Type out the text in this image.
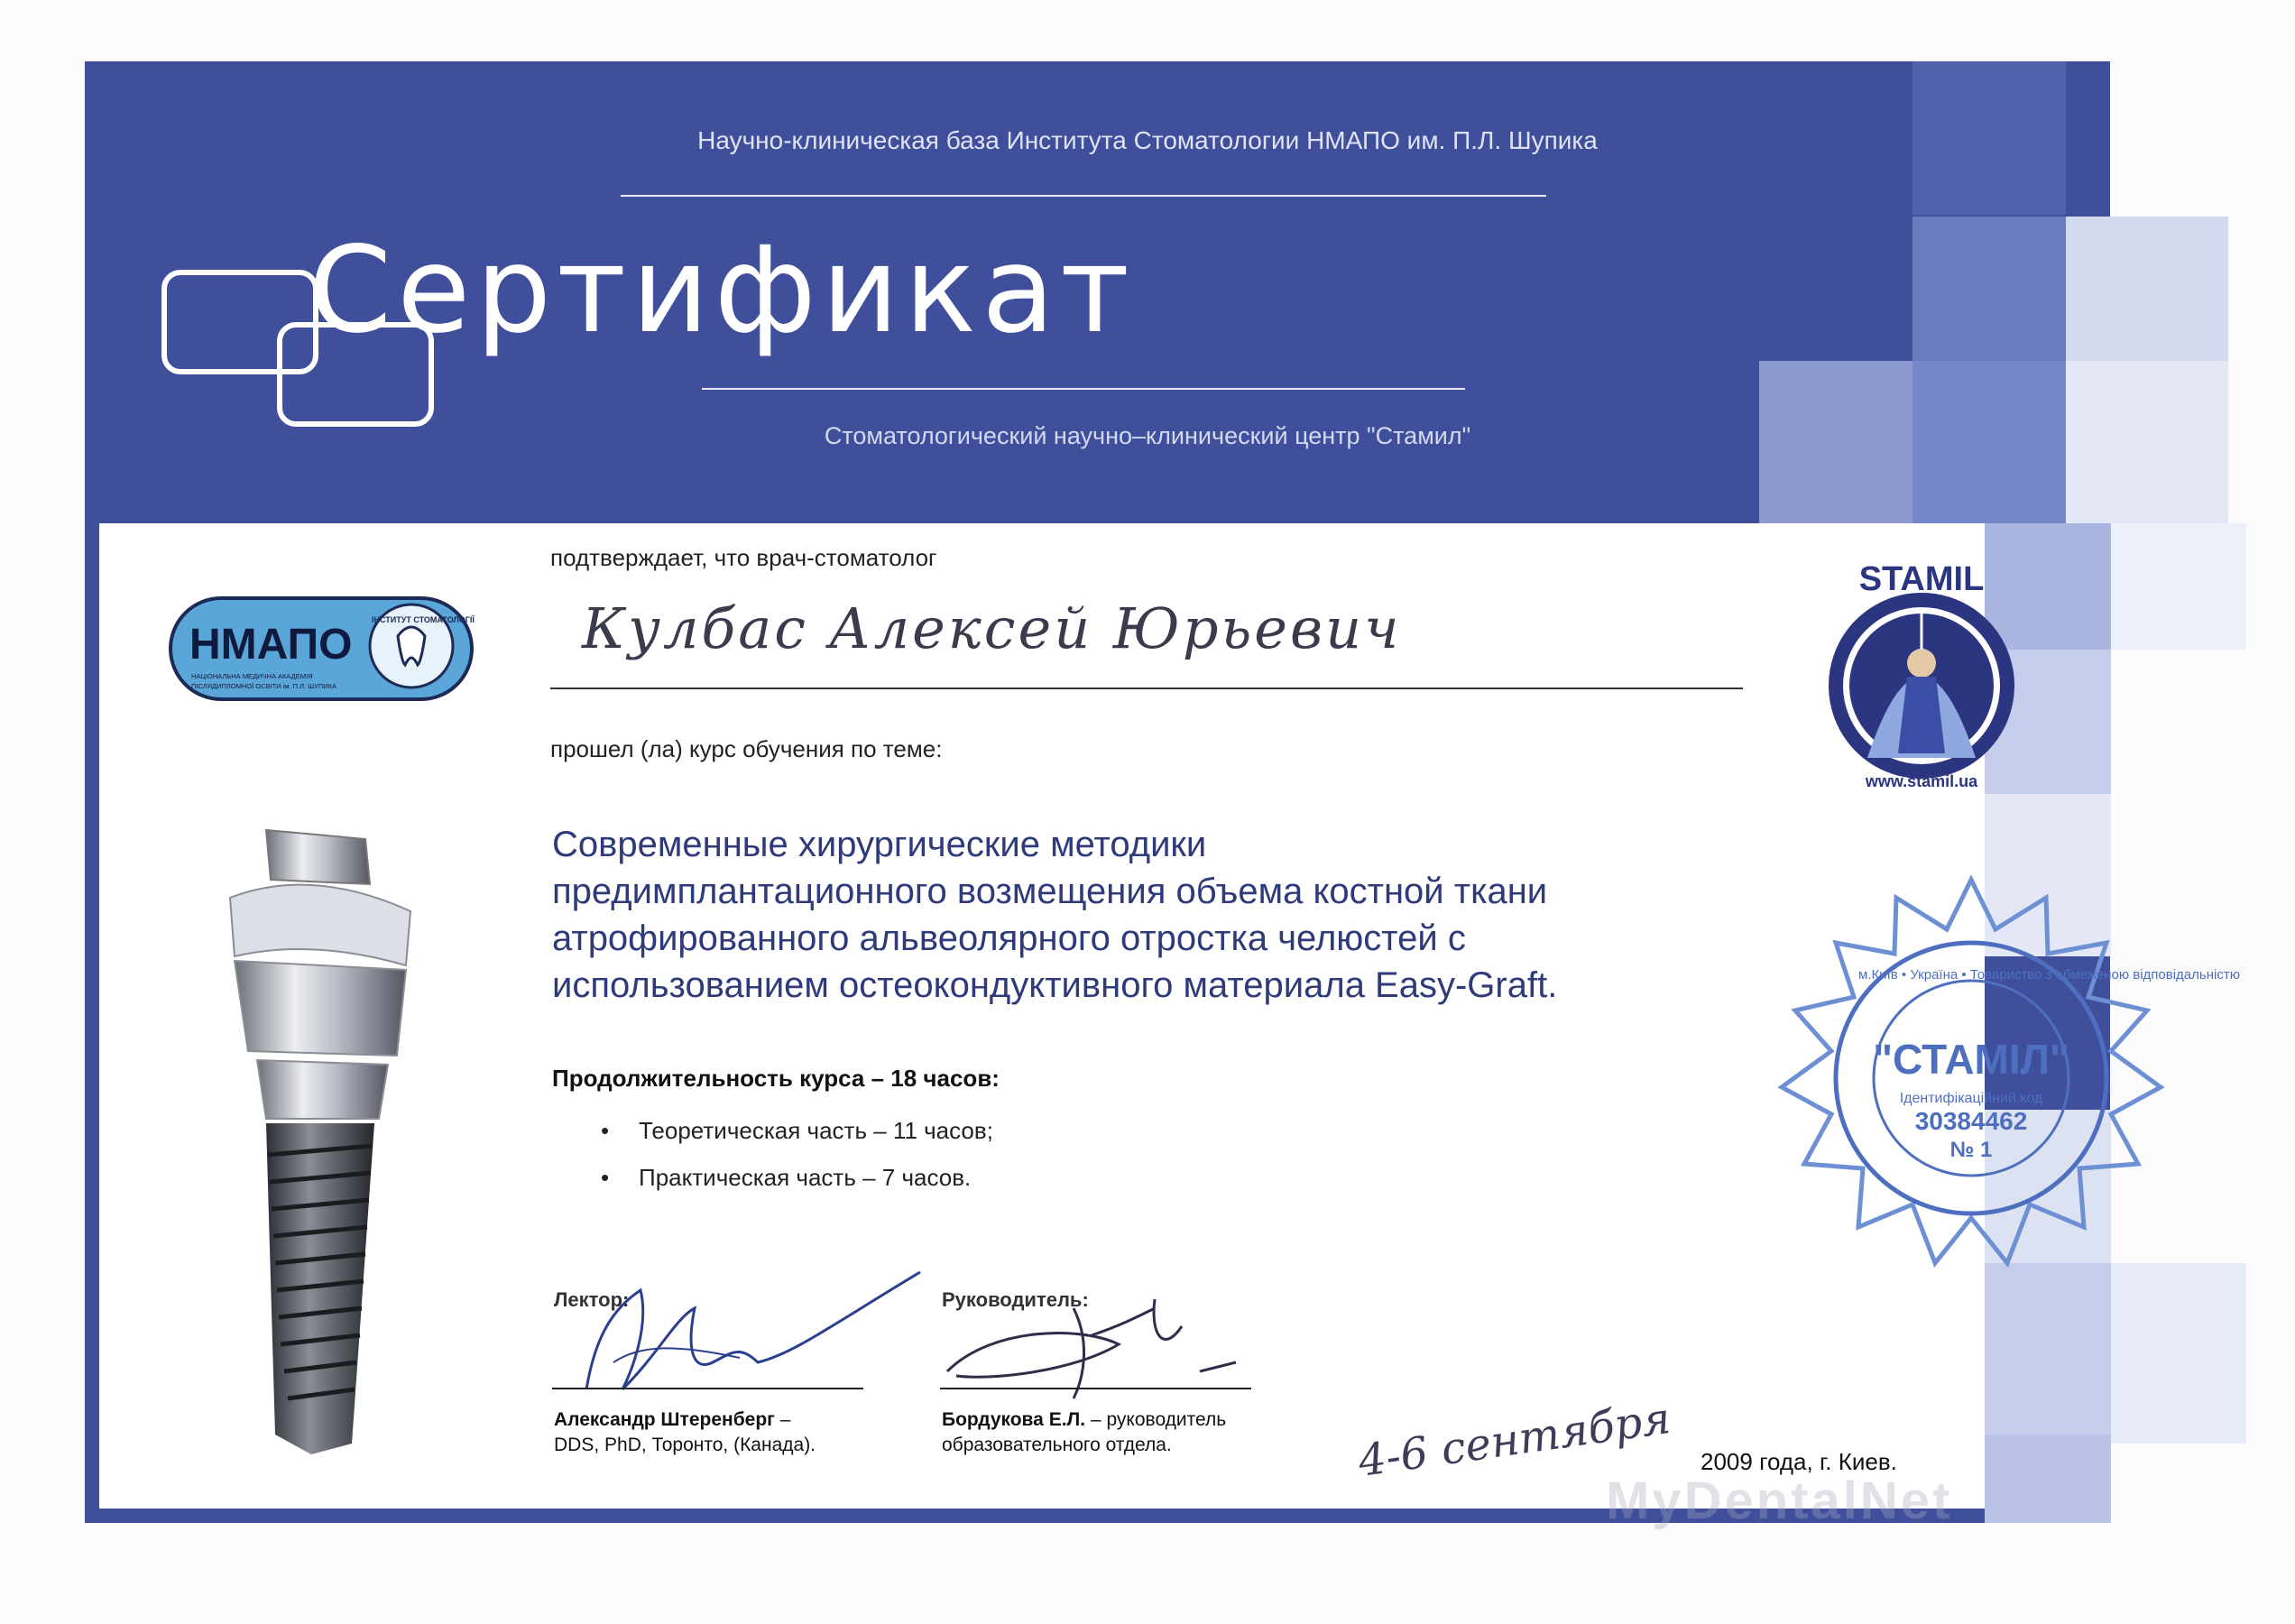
Научно-клиническая база Института Стоматологии НМАПО им. П.Л. Шупика
Сертификат
Стоматологический научно–клинический центр "Стамил"
НМАПО
ІНСТИТУТ СТОМАТОЛОГІЇ
НАЦІОНАЛЬНА МЕДИЧНА АКАДЕМІЯ
ПІСЛЯДИПЛОМНОЇ ОСВІТИ ім. П.Л. ШУПИКА
подтверждает, что врач-стоматолог
Кулбас Алексей Юрьевич
прошел (ла) курс обучения по теме:
Современные хирургические методики
предимплантационного возмещения объема костной ткани
атрофированного альвеолярного отростка челюстей с
использованием остеокондуктивного материала Easy-Graft.
Продолжительность курса – 18 часов:
• Теоретическая часть – 11 часов;
• Практическая часть – 7 часов.
Лектор:
Александр Штеренберг –
DDS, PhD, Торонто, (Канада).
Руководитель:
Бордукова Е.Л. – руководитель
образовательного отдела.
STAMIL
www.stamil.ua
м.Київ • Україна • Товариство з обмеженою відповідальністю
"СТАМІЛ"
Ідентифікаційний код
30384462
№ 1
4-6 сентября 2009 года, г. Киев.
MyDentalNet
